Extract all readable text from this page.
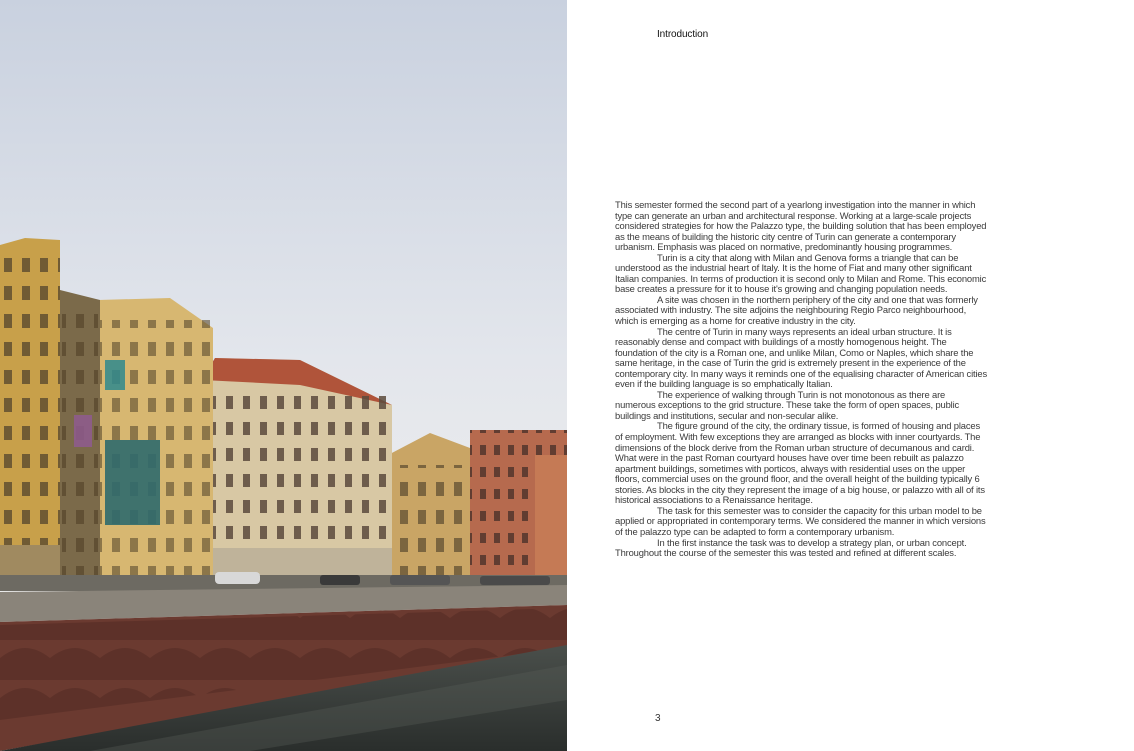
Introduction

This semester formed the second part of a yearlong investigation into the manner in which type can generate an urban and architectural response. Working at a large-scale projects considered strategies for how the Palazzo type, the building solution that has been employed as the means of building the historic city centre of Turin can generate a contemporary urbanism. Emphasis was placed on normative, predominantly housing programmes.

Turin is a city that along with Milan and Genova forms a triangle that can be understood as the industrial heart of Italy. It is the home of Fiat and many other significant Italian companies. In terms of production it is second only to Milan and Rome. This economic base creates a pressure for it to house it's growing and changing population needs.

A site was chosen in the northern periphery of the city and one that was formerly associated with industry. The site adjoins the neighbouring Regio Parco neighbourhood, which is emerging as a home for creative industry in the city.

The centre of Turin in many ways represents an ideal urban structure. It is reasonably dense and compact with buildings of a mostly homogenous height. The foundation of the city is a Roman one, and unlike Milan, Como or Naples, which share the same heritage, in the case of Turin the grid is extremely present in the experience of the contemporary city. In many ways it reminds one of the equalising character of American cities even if the building language is so emphatically Italian.

The experience of walking through Turin is not monotonous as there are numerous exceptions to the grid structure. These take the form of open spaces, public buildings and institutions, secular and non-secular alike.

The figure ground of the city, the ordinary tissue, is formed of housing and places of employment. With few exceptions they are arranged as blocks with inner courtyards. The dimensions of the block derive from the Roman urban structure of decumanous and cardi. What were in the past Roman courtyard houses have over time been rebuilt as palazzo apartment buildings, sometimes with porticos, always with residential uses on the upper floors, commercial uses on the ground floor, and the overall height of the building typically 6 stories. As blocks in the city they represent the image of a big house, or palazzo with all of its historical associations to a Renaissance heritage.

The task for this semester was to consider the capacity for this urban model to be applied or appropriated in contemporary terms. We considered the manner in which versions of the palazzo type can be adapted to form a contemporary urbanism.

In the first instance the task was to develop a strategy plan, or urban concept. Throughout the course of the semester this was tested and refined at different scales.

3
